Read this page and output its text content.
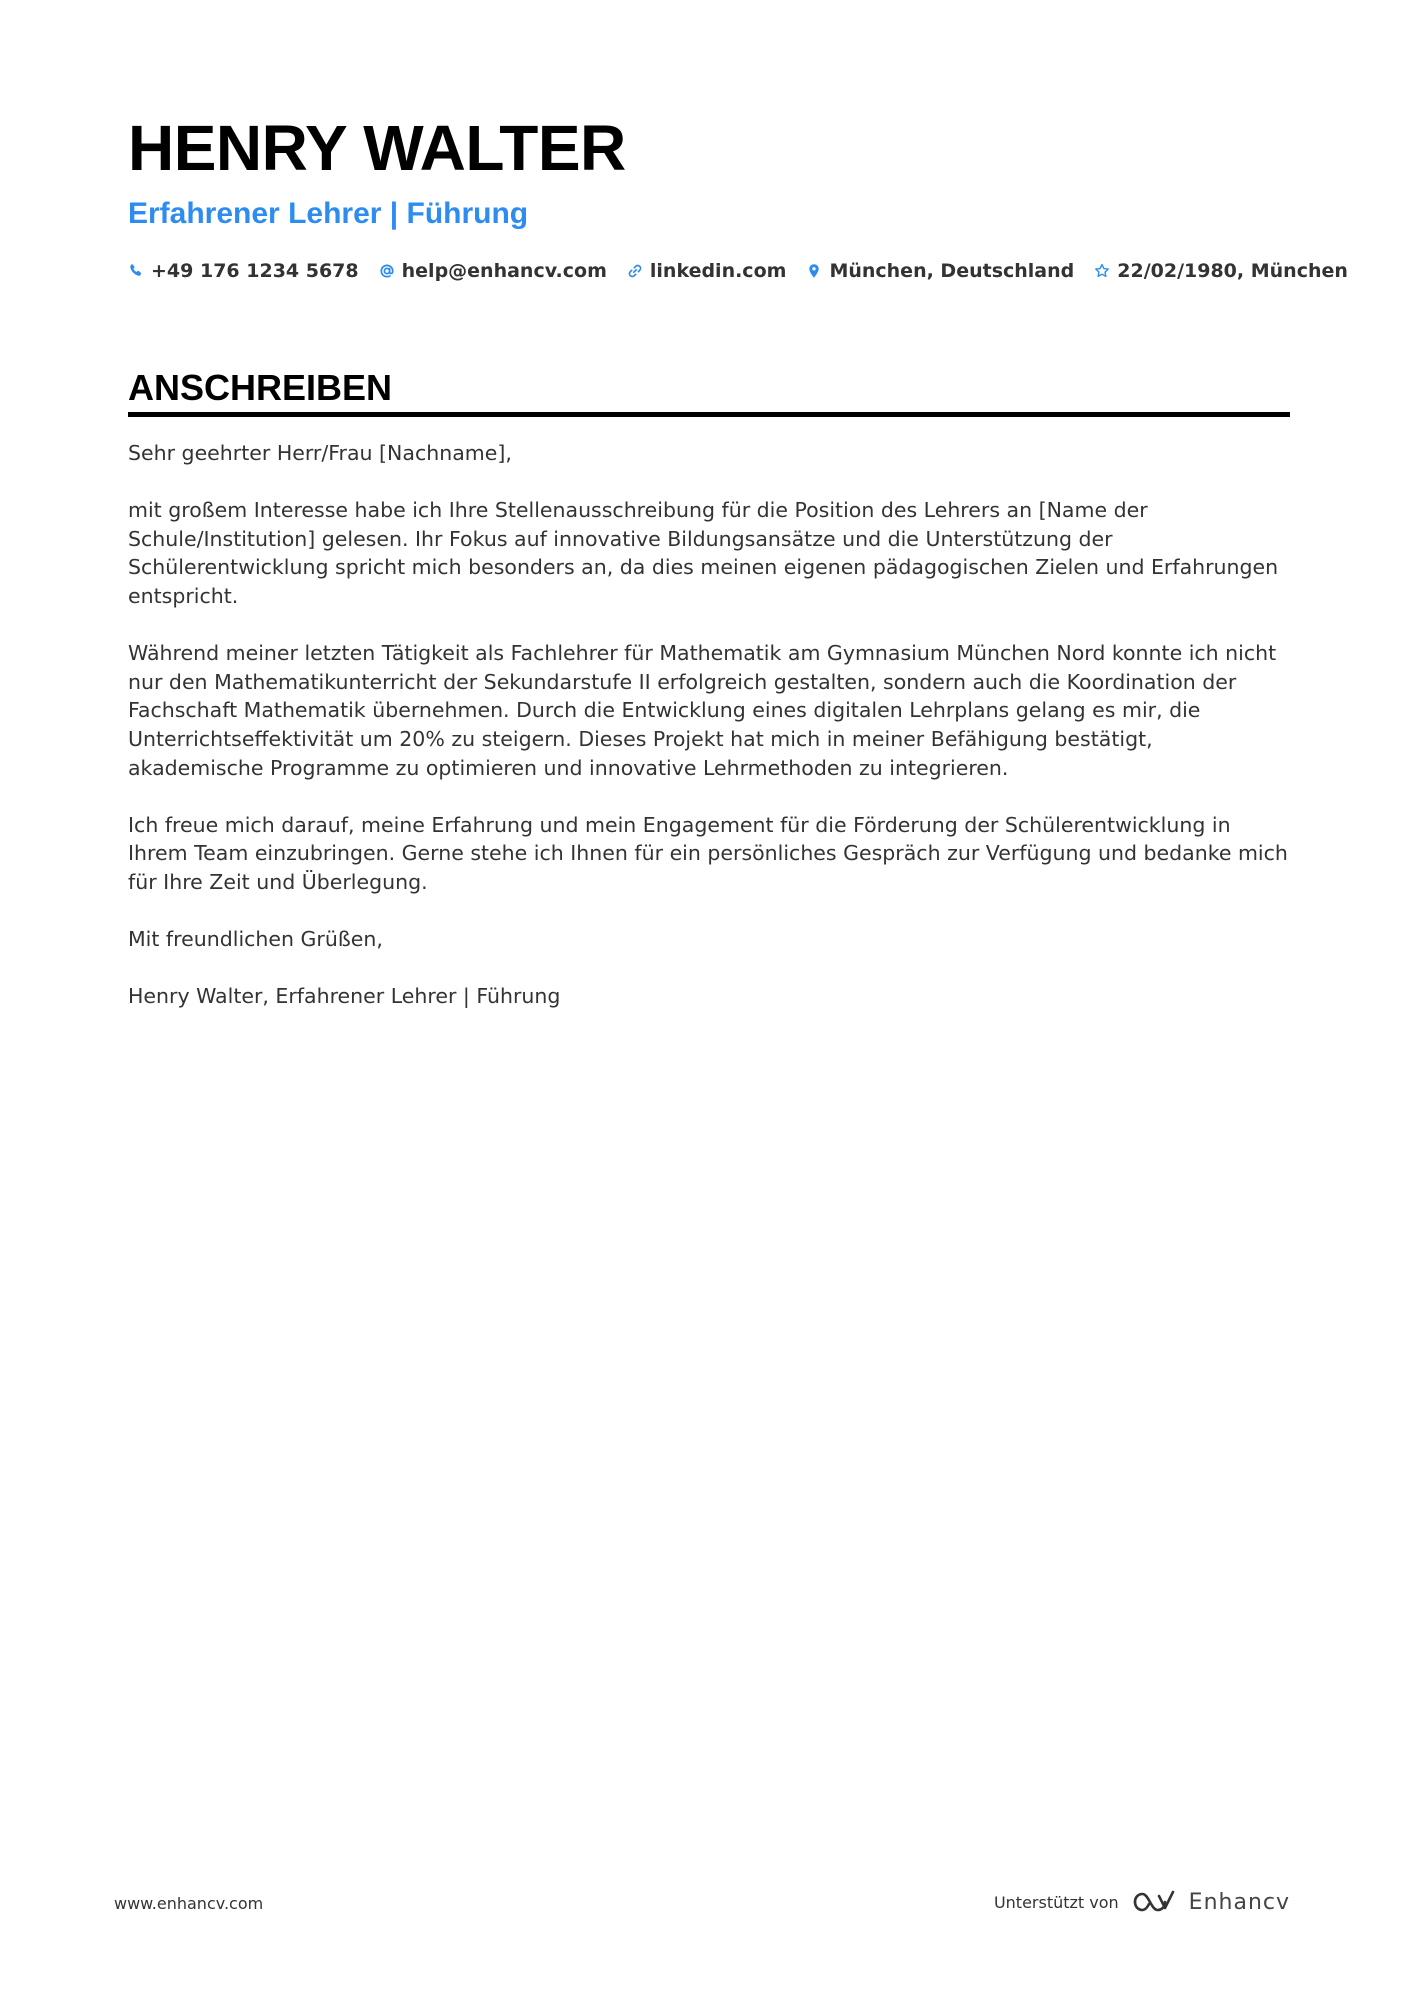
HENRY WALTER
Erfahrener Lehrer | Führung
+49 176 1234 5678 help@enhancv.com linkedin.com München, Deutschland 22/02/1980, München
ANSCHREIBEN

Sehr geehrter Herr/Frau [Nachname],

mit großem Interesse habe ich Ihre Stellenausschreibung für die Position des Lehrers an [Name der Schule/Institution] gelesen. Ihr Fokus auf innovative Bildungsansätze und die Unterstützung der Schülerentwicklung spricht mich besonders an, da dies meinen eigenen pädagogischen Zielen und Erfahrungen entspricht.

Während meiner letzten Tätigkeit als Fachlehrer für Mathematik am Gymnasium München Nord konnte ich nicht nur den Mathematikunterricht der Sekundarstufe II erfolgreich gestalten, sondern auch die Koordination der Fachschaft Mathematik übernehmen. Durch die Entwicklung eines digitalen Lehrplans gelang es mir, die Unterrichtseffektivität um 20% zu steigern. Dieses Projekt hat mich in meiner Befähigung bestätigt, akademische Programme zu optimieren und innovative Lehrmethoden zu integrieren.

Ich freue mich darauf, meine Erfahrung und mein Engagement für die Förderung der Schülerentwicklung in Ihrem Team einzubringen. Gerne stehe ich Ihnen für ein persönliches Gespräch zur Verfügung und bedanke mich für Ihre Zeit und Überlegung.

Mit freundlichen Grüßen,

Henry Walter, Erfahrener Lehrer | Führung

www.enhancv.com	Unterstützt von	Enhancv
